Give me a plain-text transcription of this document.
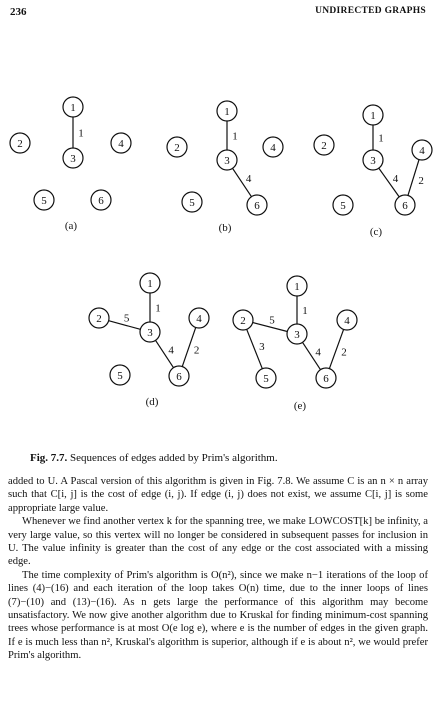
236	UNDIRECTED GRAPHS
1
1
2
3
4
5	6
(a)
1
4
1
2
3
4
5	6
(b)
1
4 2
1
2
3
4
5	6
(c)
1
5
4 2
1
2
3
4
5	6
(d)
1
5
3	4 2
1
2
3
4
5	6
(e)
Fig. 7.7. Sequences of edges added by Prim's algorithm.

added to U. A Pascal version of this algorithm is given in Fig. 7.8. We assume C is an n × n array such that C[i, j] is the cost of edge (i, j). If edge (i, j) does not exist, we assume C[i, j] is some appropriate large value.

Whenever we find another vertex k for the spanning tree, we make LOWCOST[k] be infinity, a very large value, so this vertex will no longer be considered in subsequent passes for inclusion in U. The value infinity is greater than the cost of any edge or the cost associated with a missing edge.

The time complexity of Prim's algorithm is O(n²), since we make n−1 iterations of the loop of lines (4)−(16) and each iteration of the loop takes O(n) time, due to the inner loops of lines (7)−(10) and (13)−(16). As n gets large the performance of this algorithm may become unsatisfactory. We now give another algorithm due to Kruskal for finding minimum-cost spanning trees whose performance is at most O(e log e), where e is the number of edges in the given graph. If e is much less than n², Kruskal's algorithm is superior, although if e is about n², we would prefer Prim's algorithm.
